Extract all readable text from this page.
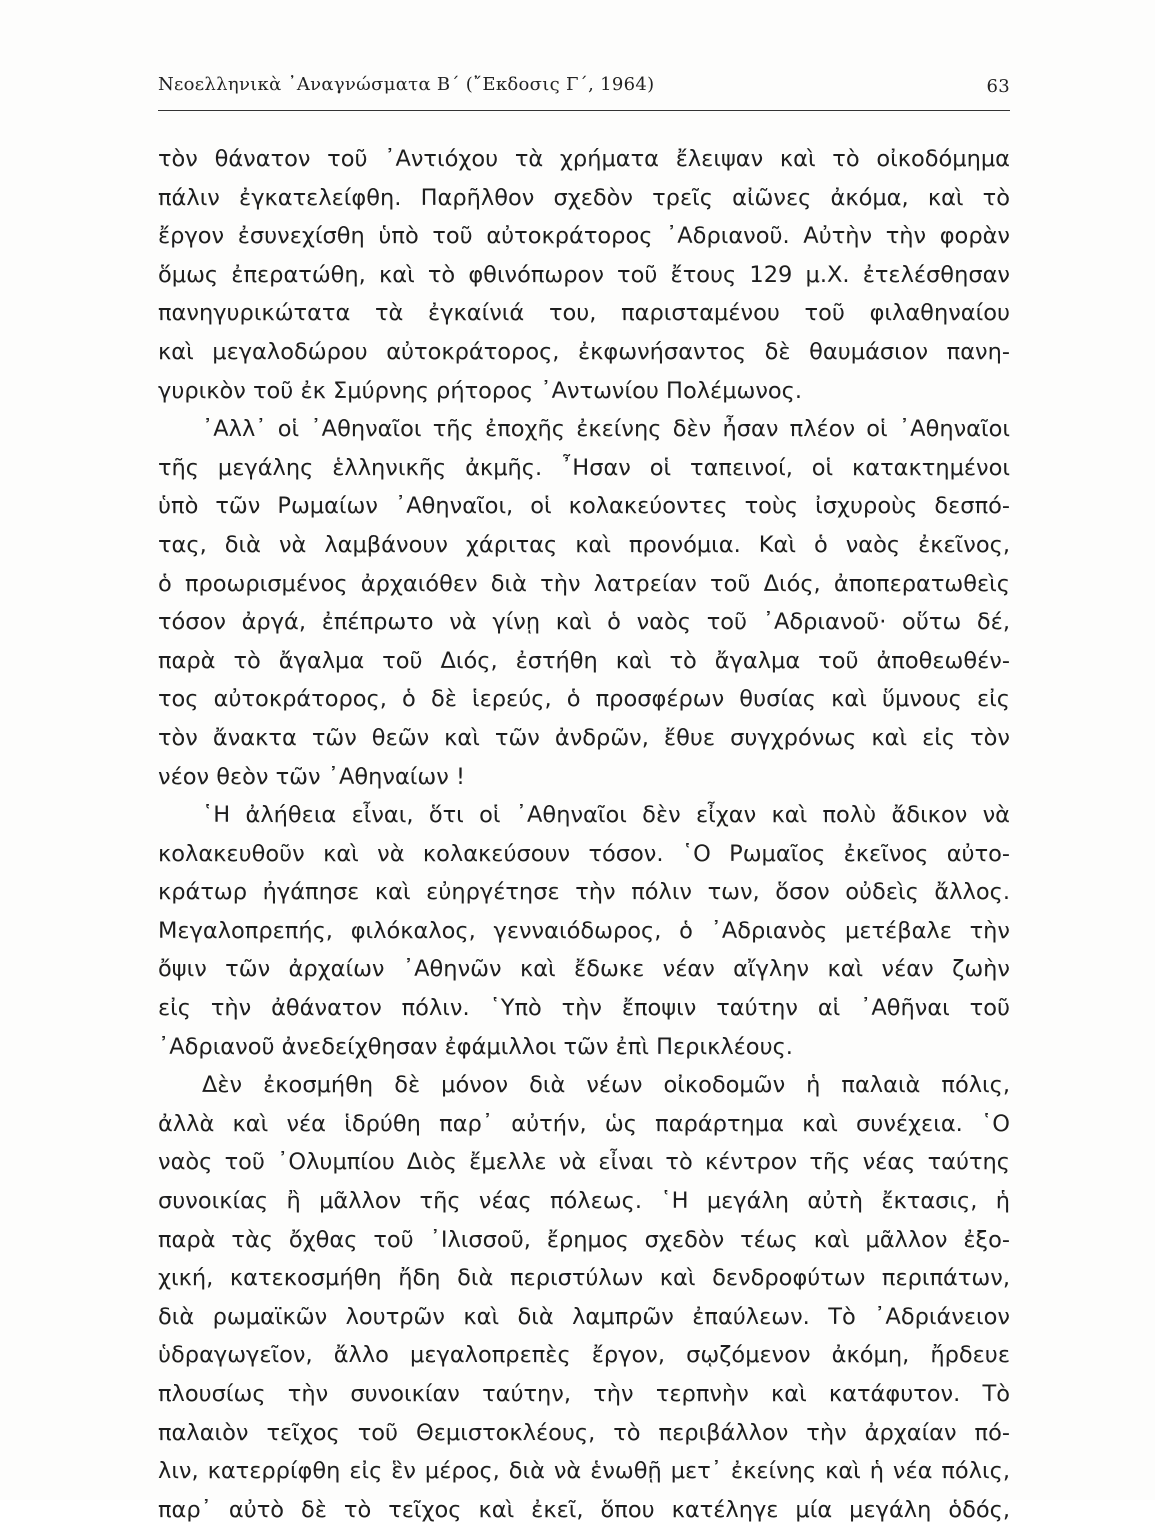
Νεοελληνικὰ ᾿Αναγνώσματα Β΄ (῎Εκδοσις Γ΄, 1964)	63
τὸν θάνατον τοῦ ᾿Αντιόχου τὰ χρήματα ἔλειψαν καὶ τὸ οἰκοδόμημα
πάλιν ἐγκατελείφθη. Παρῆλθον σχεδὸν τρεῖς αἰῶνες ἀκόμα, καὶ τὸ
ἔργον ἐσυνεχίσθη ὑπὸ τοῦ αὐτοκράτορος ᾿Αδριανοῦ. Αὐτὴν τὴν φορὰν
ὅμως ἐπερατώθη, καὶ τὸ φθινόπωρον τοῦ ἔτους 129 μ.Χ. ἐτελέσθησαν
πανηγυρικώτατα τὰ ἐγκαίνιά του, παρισταμένου τοῦ φιλαθηναίου
καὶ μεγαλοδώρου αὐτοκράτορος, ἐκφωνήσαντος δὲ θαυμάσιον πανη-
γυρικὸν τοῦ ἐκ Σμύρνης ρήτορος ᾿Αντωνίου Πολέμωνος.
᾿Αλλ᾿ οἱ ᾿Αθηναῖοι τῆς ἐποχῆς ἐκείνης δὲν ἦσαν πλέον οἱ ᾿Αθηναῖοι
τῆς μεγάλης ἑλληνικῆς ἀκμῆς. ῏Ησαν οἱ ταπεινοί, οἱ κατακτημένοι
ὑπὸ τῶν Ρωμαίων ᾿Αθηναῖοι, οἱ κολακεύοντες τοὺς ἰσχυροὺς δεσπό-
τας, διὰ νὰ λαμβάνουν χάριτας καὶ προνόμια. Καὶ ὁ ναὸς ἐκεῖνος,
ὁ προωρισμένος ἀρχαιόθεν διὰ τὴν λατρείαν τοῦ Διός, ἀποπερατωθεὶς
τόσον ἀργά, ἐπέπρωτο νὰ γίνῃ καὶ ὁ ναὸς τοῦ ᾿Αδριανοῦ· οὕτω δέ,
παρὰ τὸ ἄγαλμα τοῦ Διός, ἐστήθη καὶ τὸ ἄγαλμα τοῦ ἀποθεωθέν-
τος αὐτοκράτορος, ὁ δὲ ἱερεύς, ὁ προσφέρων θυσίας καὶ ὕμνους εἰς
τὸν ἄνακτα τῶν θεῶν καὶ τῶν ἀνδρῶν, ἔθυε συγχρόνως καὶ εἰς τὸν
νέον θεὸν τῶν ᾿Αθηναίων !
῾Η ἀλήθεια εἶναι, ὅτι οἱ ᾿Αθηναῖοι δὲν εἶχαν καὶ πολὺ ἄδικον νὰ
κολακευθοῦν καὶ νὰ κολακεύσουν τόσον. ῾Ο Ρωμαῖος ἐκεῖνος αὐτο-
κράτωρ ἠγάπησε καὶ εὐηργέτησε τὴν πόλιν των, ὅσον οὐδεὶς ἄλλος.
Μεγαλοπρεπής, φιλόκαλος, γενναιόδωρος, ὁ ᾿Αδριανὸς μετέβαλε τὴν
ὄψιν τῶν ἀρχαίων ᾿Αθηνῶν καὶ ἔδωκε νέαν αἴγλην καὶ νέαν ζωὴν
εἰς τὴν ἀθάνατον πόλιν. ῾Υπὸ τὴν ἔποψιν ταύτην αἱ ᾿Αθῆναι τοῦ
᾿Αδριανοῦ ἀνεδείχθησαν ἐφάμιλλοι τῶν ἐπὶ Περικλέους.
Δὲν ἐκοσμήθη δὲ μόνον διὰ νέων οἰκοδομῶν ἡ παλαιὰ πόλις,
ἀλλὰ καὶ νέα ἱδρύθη παρ᾿ αὐτήν, ὡς παράρτημα καὶ συνέχεια. ῾Ο
ναὸς τοῦ ᾿Ολυμπίου Διὸς ἔμελλε νὰ εἶναι τὸ κέντρον τῆς νέας ταύτης
συνοικίας ἢ μᾶλλον τῆς νέας πόλεως. ῾Η μεγάλη αὐτὴ ἔκτασις, ἡ
παρὰ τὰς ὄχθας τοῦ ᾿Ιλισσοῦ, ἔρημος σχεδὸν τέως καὶ μᾶλλον ἐξο-
χική, κατεκοσμήθη ἤδη διὰ περιστύλων καὶ δενδροφύτων περιπάτων,
διὰ ρωμαϊκῶν λουτρῶν καὶ διὰ λαμπρῶν ἐπαύλεων. Τὸ ᾿Αδριάνειον
ὑδραγωγεῖον, ἄλλο μεγαλοπρεπὲς ἔργον, σῳζόμενον ἀκόμη, ἤρδευε
πλουσίως τὴν συνοικίαν ταύτην, τὴν τερπνὴν καὶ κατάφυτον. Τὸ
παλαιὸν τεῖχος τοῦ Θεμιστοκλέους, τὸ περιβάλλον τὴν ἀρχαίαν πό-
λιν, κατερρίφθη εἰς ἓν μέρος, διὰ νὰ ἑνωθῇ μετ᾿ ἐκείνης καὶ ἡ νέα πόλις,
παρ᾿ αὐτὸ δὲ τὸ τεῖχος καὶ ἐκεῖ, ὅπου κατέληγε μία μεγάλη ὁδός,
